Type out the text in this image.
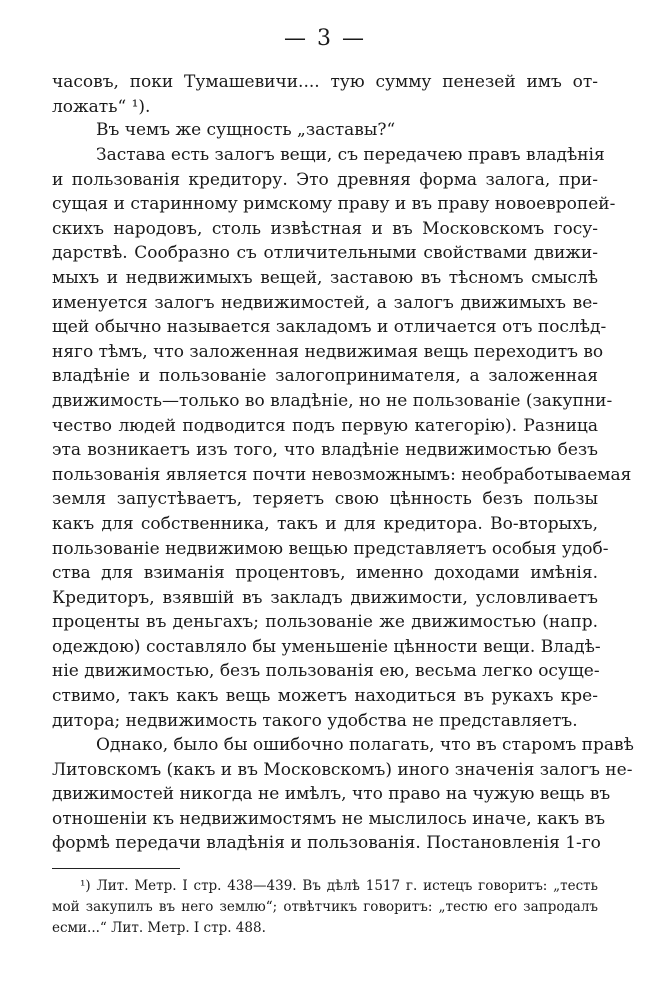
— 3 —
часовъ, поки Тумашевичи.... тую сумму пенезей имъ от-
ложать“ ¹).
Въ чемъ же сущность „заставы?“
Застава есть залогъ вещи, съ передачею правъ владѣнія
и пользованія кредитору. Это древняя форма залога, при-
сущая и старинному римскому праву и въ праву новоевропей-
скихъ народовъ, столь извѣстная и въ Московскомъ госу-
дарствѣ. Сообразно съ отличительными свойствами движи-
мыхъ и недвижимыхъ вещей, заставою въ тѣсномъ смыслѣ
именуется залогъ недвижимостей, а залогъ движимыхъ ве-
щей обычно называется закладомъ и отличается отъ послѣд-
няго тѣмъ, что заложенная недвижимая вещь переходитъ во
владѣніе и пользованіе залогопринимателя, а заложенная
движимость—только во владѣніе, но не пользованіе (закупни-
чество людей подводится подъ первую категорію). Разница
эта возникаетъ изъ того, что владѣніе недвижимостью безъ
пользованія является почти невозможнымъ: необработываемая
земля запустѣваетъ, теряетъ свою цѣнность безъ пользы
какъ для собственника, такъ и для кредитора. Во-вторыхъ,
пользованіе недвижимою вещью представляетъ особыя удоб-
ства для взиманія процентовъ, именно доходами имѣнія.
Кредиторъ, взявшій въ закладъ движимости, условливаетъ
проценты въ деньгахъ; пользованіе же движимостью (напр.
одеждою) составляло бы уменьшеніе цѣнности вещи. Владѣ-
ніе движимостью, безъ пользованія ею, весьма легко осуще-
ствимо, такъ какъ вещь можетъ находиться въ рукахъ кре-
дитора; недвижимость такого удобства не представляетъ.
Однако, было бы ошибочно полагать, что въ старомъ правѣ
Литовскомъ (какъ и въ Московскомъ) иного значенія залогъ не-
движимостей никогда не имѣлъ, что право на чужую вещь въ
отношеніи къ недвижимостямъ не мыслилось иначе, какъ въ
формѣ передачи владѣнія и пользованія. Постановленія 1-го
¹) Лит. Метр. I стр. 438—439. Въ дѣлѣ 1517 г. истецъ говоритъ: „тесть
мой закупилъ въ него землю“; отвѣтчикъ говоритъ: „тестю его запродалъ
есми...“ Лит. Метр. I стр. 488.
